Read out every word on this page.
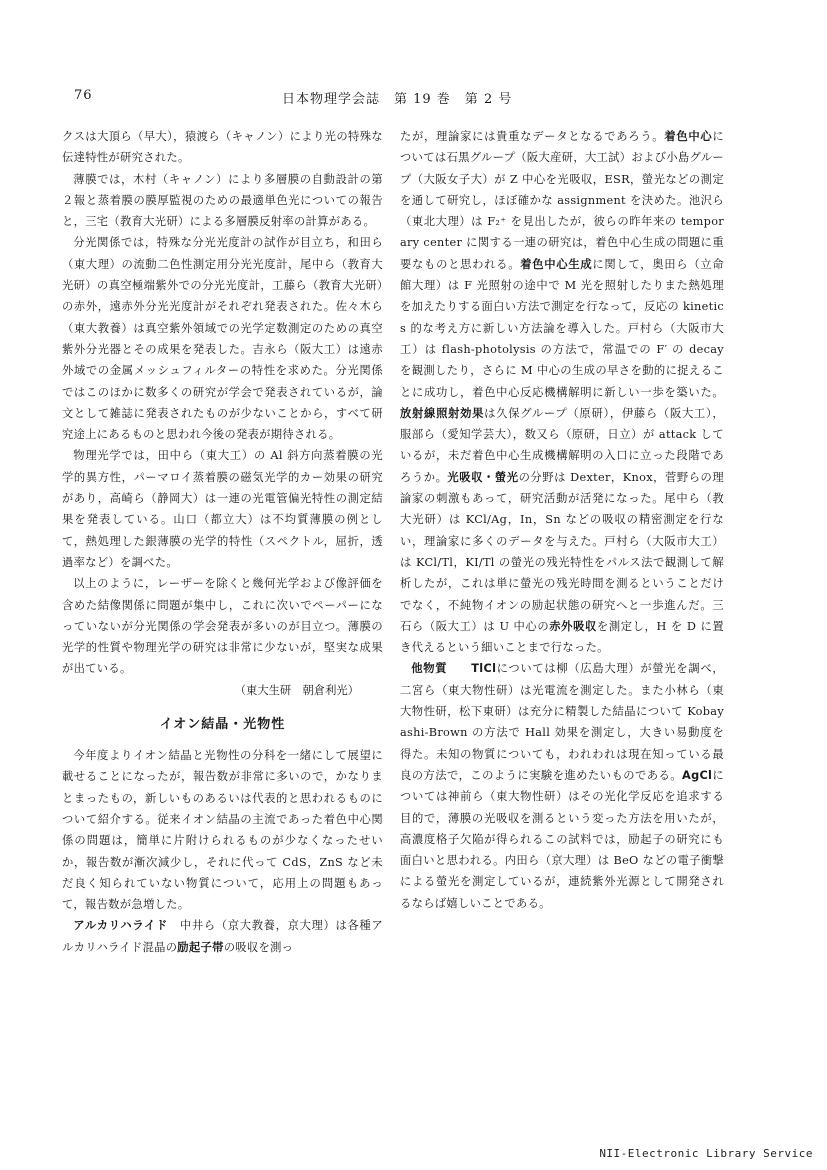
76	日本物理学会誌　第 19 巻　第 2 号

クスは大頂ら（早大），猿渡ら（キャノン）により光の特殊な伝達特性が研究された。

薄膜では，木村（キャノン）により多層膜の自動設計の第２報と蒸着膜の膜厚監視のための最適単色光についての報告と，三宅（教育大光研）による多層膜反射率の計算がある。

分光関係では，特殊な分光光度計の試作が目立ち，和田ら（東大理）の流動二色性測定用分光光度計，尾中ら（教育大光研）の真空極端紫外での分光光度計，工藤ら（教育大光研）の赤外，遠赤外分光光度計がそれぞれ発表された。佐々木ら（東大教養）は真空紫外領域での光学定数測定のための真空紫外分光器とその成果を発表した。吉永ら（阪大工）は遠赤外域での金属メッシュフィルターの特性を求めた。分光関係ではこのほかに数多くの研究が学会で発表されているが，論文として雑誌に発表されたものが少ないことから，すべて研究途上にあるものと思われ今後の発表が期待される。

物理光学では，田中ら（東大工）の Al 斜方向蒸着膜の光学的異方性，パーマロイ蒸着膜の磁気光学的カー効果の研究があり，高崎ら（静岡大）は一連の光電管偏光特性の測定結果を発表している。山口（都立大）は不均質薄膜の例として，熱処理した銀薄膜の光学的特性（スペクトル，屈折，透過率など）を調べた。

以上のように，レーザーを除くと幾何光学および像評価を含めた結像関係に問題が集中し，これに次いでペーパーになっていないが分光関係の学会発表が多いのが目立つ。薄膜の光学的性質や物理光学の研究は非常に少ないが，堅実な成果が出ている。

（東大生研　朝倉利光）

イオン結晶・光物性

今年度よりイオン結晶と光物性の分科を一緒にして展望に載せることになったが，報告数が非常に多いので，かなりまとまったもの，新しいものあるいは代表的と思われるものについて紹介する。従来イオン結晶の主流であった着色中心関係の問題は，簡単に片附けられるものが少なくなったせいか，報告数が漸次減少し，それに代って CdS，ZnS など未だ良く知られていない物質について，応用上の問題もあって，報告数が急増した。

アルカリハライド　中井ら（京大教養，京大理）は各種アルカリハライド混晶の励起子帯の吸収を測っ

たが，理論家には貴重なデータとなるであろう。着色中心については石黒グループ（阪大産研，大工試）および小島グループ（大阪女子大）が Z 中心を光吸収，ESR，螢光などの測定を通して研究し，ほぼ確かな assignment を決めた。池沢ら（東北大理）は F₂⁺ を見出したが，彼らの昨年来の temporary center に関する一連の研究は，着色中心生成の問題に重要なものと思われる。着色中心生成に関して，奥田ら（立命館大理）は F 光照射の途中で M 光を照射したりまた熱処理を加えたりする面白い方法で測定を行なって，反応の kinetics 的な考え方に新しい方法論を導入した。戸村ら（大阪市大工）は flash-photolysis の方法で，常温での F′ の decay を観測したり，さらに M 中心の生成の早さを動的に捉えることに成功し，着色中心反応機構解明に新しい一歩を築いた。放射線照射効果は久保グループ（原研），伊藤ら（阪大工），服部ら（愛知学芸大），数又ら（原研，日立）が attack しているが，未だ着色中心生成機構解明の入口に立った段階であろうか。光吸収・螢光の分野は Dexter，Knox，菅野らの理論家の刺激もあって，研究活動が活発になった。尾中ら（教大光研）は KCl/Ag，In，Sn などの吸収の精密測定を行ない，理論家に多くのデータを与えた。戸村ら（大阪市大工）は KCl/Tl，KI/Tl の螢光の残光特性をパルス法で観測して解析したが，これは単に螢光の残光時間を測るということだけでなく，不純物イオンの励起状態の研究へと一歩進んだ。三石ら（阪大工）は U 中心の赤外吸収を測定し，H を D に置き代えるという細いことまで行なった。

他物質　　 TlClについては柳（広島大理）が螢光を調べ，二宮ら（東大物性研）は光電流を測定した。また小林ら（東大物性研，松下東研）は充分に精製した結晶について Kobayashi-Brown の方法で Hall 効果を測定し，大きい易動度を得た。未知の物質についても，われわれは現在知っている最良の方法で，このように実験を進めたいものである。AgClについては神前ら（東大物性研）はその光化学反応を追求する目的で，薄膜の光吸収を測るという変った方法を用いたが，高濃度格子欠陥が得られるこの試料では，励起子の研究にも面白いと思われる。内田ら（京大理）は BeO などの電子衝撃による螢光を測定しているが，連続紫外光源として開発されるならば嬉しいことである。

NII-Electronic Library Service
